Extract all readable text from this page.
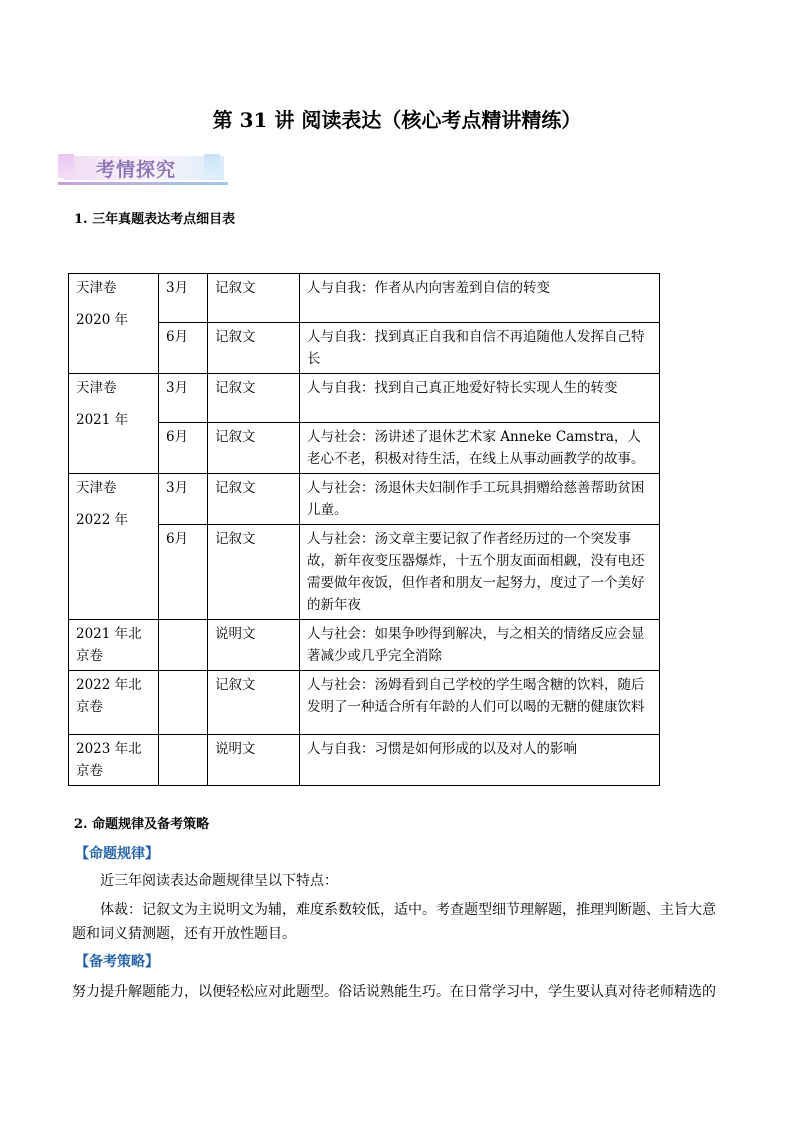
第 31 讲 阅读表达（核心考点精讲精练）
考情探究

1. 三年真题表达考点细目表

天津卷
2020 年	3月	记叙文	人与自我：作者从内向害羞到自信的转变
	6月	记叙文	人与自我：找到真正自我和自信不再追随他人发挥自己特长

天津卷
2021 年	3月	记叙文	人与自我：找到自己真正地爱好特长实现人生的转变
	6月	记叙文	人与社会：汤讲述了退休艺术家 Anneke Camstra，人老心不老，积极对待生活，在线上从事动画教学的故事。

天津卷
2022 年	3月	记叙文	人与社会：汤退休夫妇制作手工玩具捐赠给慈善帮助贫困儿童。
	6月	记叙文	人与社会：汤文章主要记叙了作者经历过的一个突发事故，新年夜变压器爆炸，十五个朋友面面相觑，没有电还需要做年夜饭，但作者和朋友一起努力，度过了一个美好的新年夜
2021 年北京卷		说明文	人与社会：如果争吵得到解决，与之相关的情绪反应会显著减少或几乎完全消除
2022 年北京卷		记叙文	人与社会：汤姆看到自己学校的学生喝含糖的饮料，随后发明了一种适合所有年龄的人们可以喝的无糖的健康饮料
2023 年北京卷		说明文	人与自我：习惯是如何形成的以及对人的影响

2. 命题规律及备考策略

【命题规律】
近三年阅读表达命题规律呈以下特点：
体裁：记叙文为主说明文为辅，难度系数较低，适中。考查题型细节理解题，推理判断题、主旨大意题和词义猜测题，还有开放性题目。
【备考策略】
努力提升解题能力，以便轻松应对此题型。俗话说熟能生巧。在日常学习中，学生要认真对待老师精选的
